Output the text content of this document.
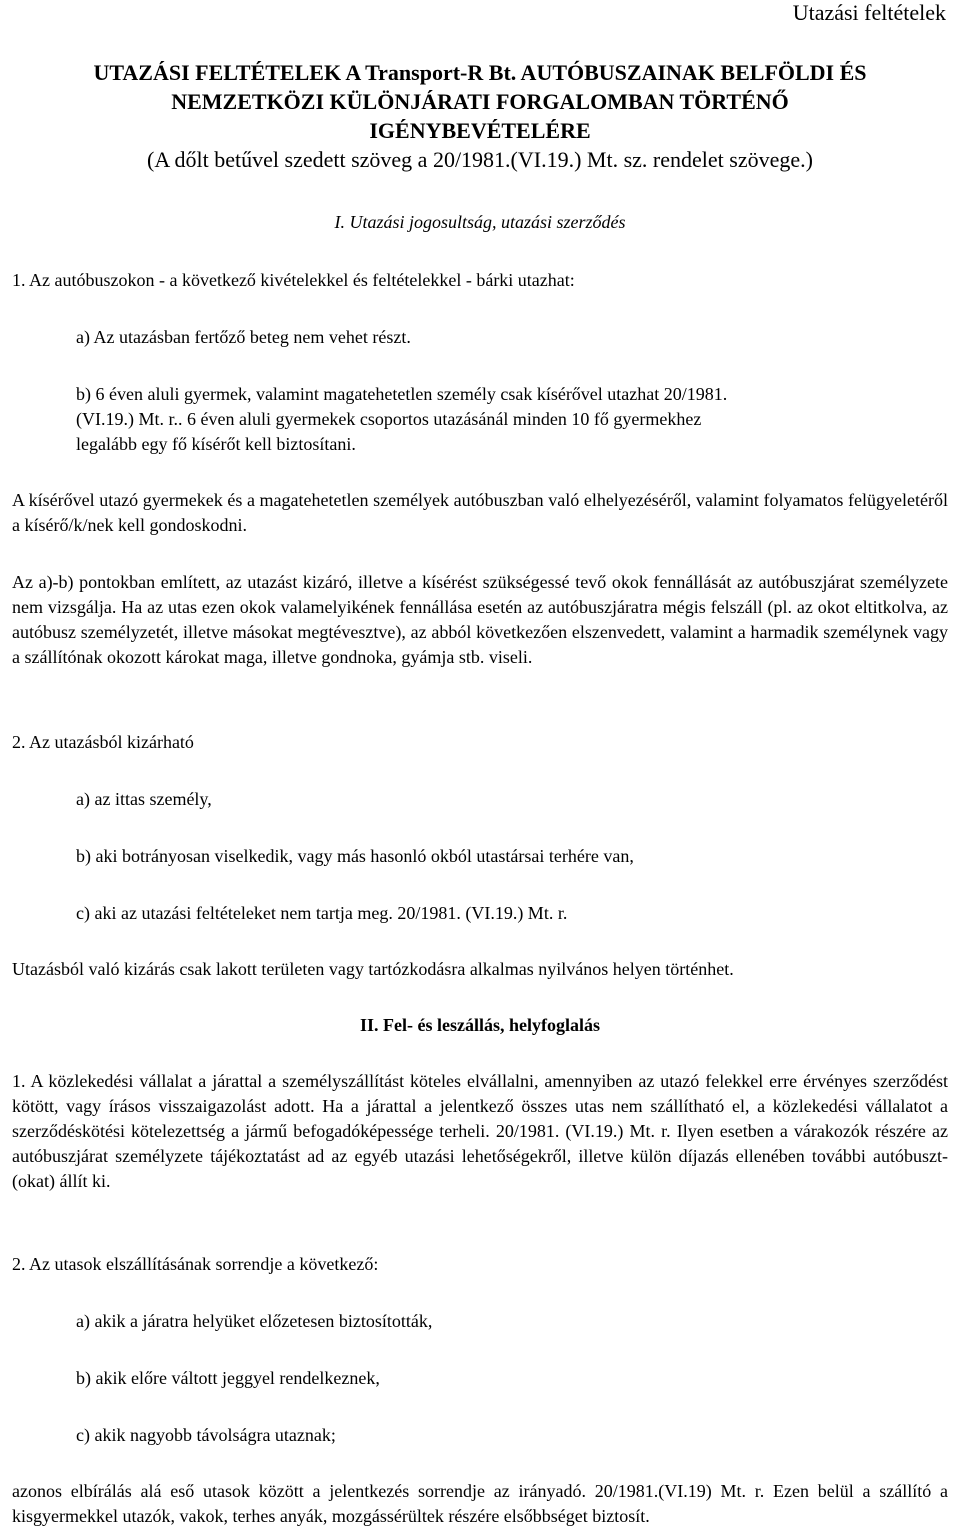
Utazási feltételek
UTAZÁSI FELTÉTELEK A Transport-R Bt. AUTÓBUSZAINAK BELFÖLDI ÉS
NEMZETKÖZI KÜLÖNJÁRATI FORGALOMBAN TÖRTÉNŐ
IGÉNYBEVÉTELÉRE
(A dőlt betűvel szedett szöveg a 20/1981.(VI.19.) Mt. sz. rendelet szövege.)
I. Utazási jogosultság, utazási szerződés
1. Az autóbuszokon - a következő kivételekkel és feltételekkel - bárki utazhat:
a) Az utazásban fertőző beteg nem vehet részt.
b) 6 éven aluli gyermek, valamint magatehetetlen személy csak kísérővel utazhat 20/1981.
(VI.19.) Mt. r.. 6 éven aluli gyermekek csoportos utazásánál minden 10 fő gyermekhez
legalább egy fő kísérőt kell biztosítani.
A kísérővel utazó gyermekek és a magatehetetlen személyek autóbuszban való elhelyezéséről, valamint folyamatos felügyeletéről a kísérő/k/nek kell gondoskodni.
Az a)-b) pontokban említett, az utazást kizáró, illetve a kísérést szükségessé tevő okok fennállását az autóbuszjárat személyzete nem vizsgálja. Ha az utas ezen okok valamelyikének fennállása esetén az autóbuszjáratra mégis felszáll (pl. az okot eltitkolva, az autóbusz személyzetét, illetve másokat megtévesztve), az abból következően elszenvedett, valamint a harmadik személynek vagy a szállítónak okozott károkat maga, illetve gondnoka, gyámja stb. viseli.
2. Az utazásból kizárható
a) az ittas személy,
b) aki botrányosan viselkedik, vagy más hasonló okból utastársai terhére van,
c) aki az utazási feltételeket nem tartja meg. 20/1981. (VI.19.) Mt. r.
Utazásból való kizárás csak lakott területen vagy tartózkodásra alkalmas nyilvános helyen történhet.
II. Fel- és leszállás, helyfoglalás
1. A közlekedési vállalat a járattal a személyszállítást köteles elvállalni, amennyiben az utazó felekkel erre érvényes szerződést kötött, vagy írásos visszaigazolást adott. Ha a járattal a jelentkező összes utas nem szállítható el, a közlekedési vállalatot a szerződéskötési kötelezettség a jármű befogadóképessége terheli. 20/1981. (VI.19.) Mt. r. Ilyen esetben a várakozók részére az autóbuszjárat személyzete tájékoztatást ad az egyéb utazási lehetőségekről, illetve külön díjazás ellenében további autóbuszt-(okat) állít ki.
2. Az utasok elszállításának sorrendje a következő:
a) akik a járatra helyüket előzetesen biztosították,
b) akik előre váltott jeggyel rendelkeznek,
c) akik nagyobb távolságra utaznak;
azonos elbírálás alá eső utasok között a jelentkezés sorrendje az irányadó. 20/1981.(VI.19) Mt. r. Ezen belül a szállító a kisgyermekkel utazók, vakok, terhes anyák, mozgássérültek részére elsőbbséget biztosít.
